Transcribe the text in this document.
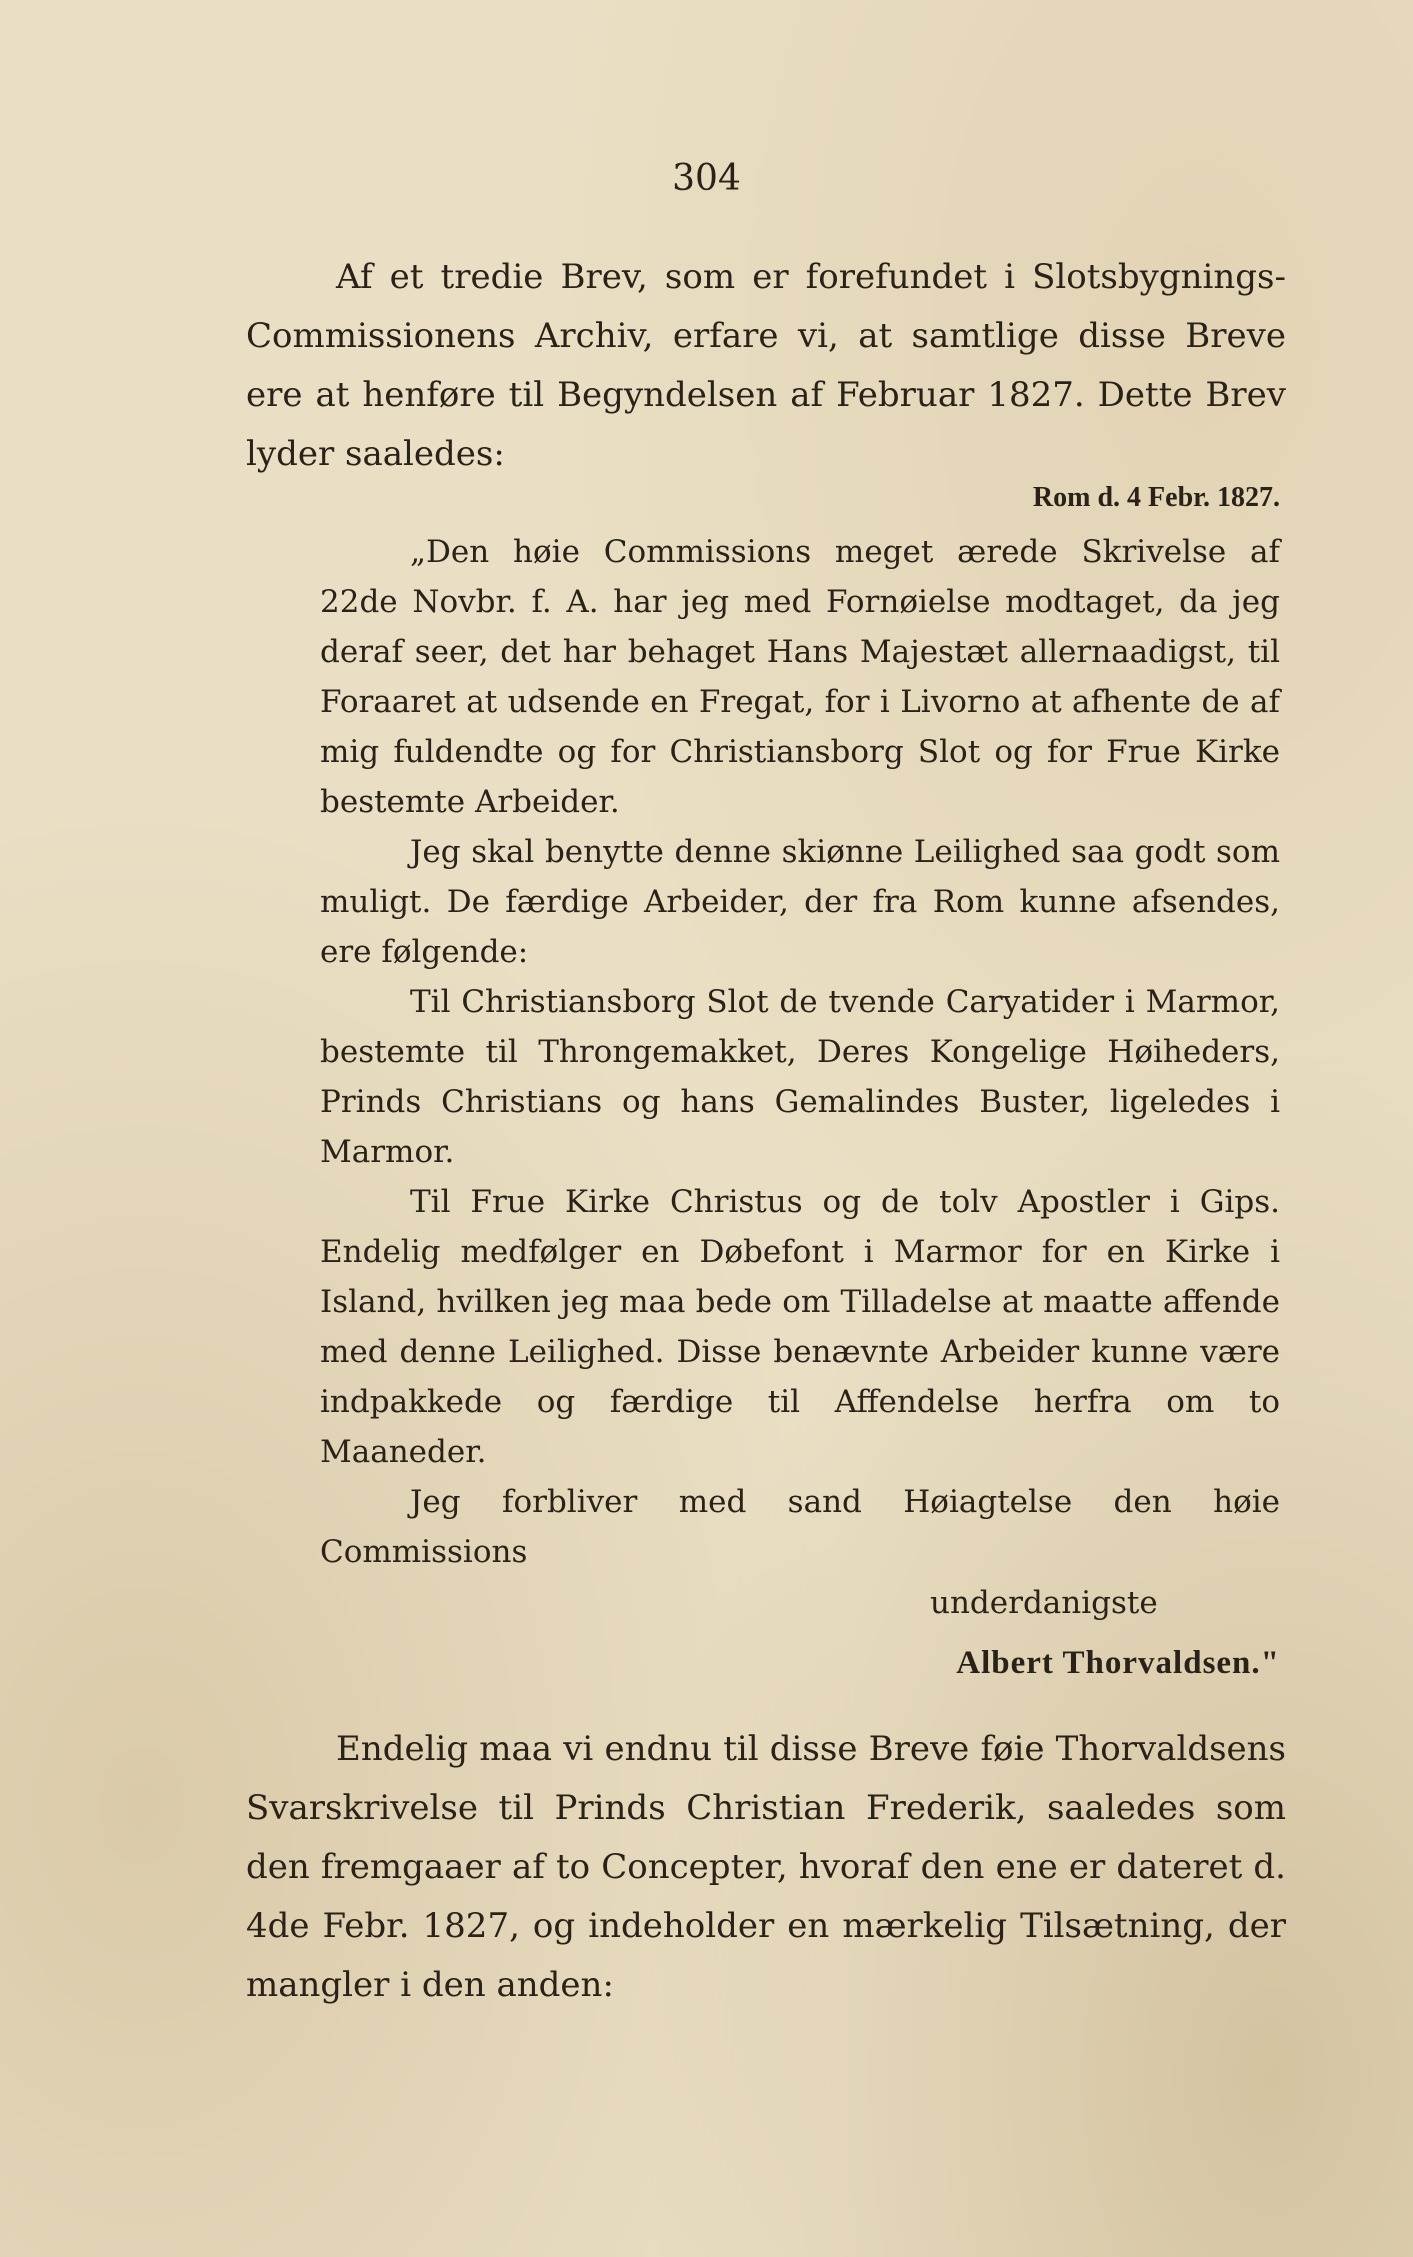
304

Af et tredie Brev, som er forefundet i Slotsbygnings-Commissionens Archiv, erfare vi, at samtlige disse Breve ere at henføre til Begyndelsen af Februar 1827. Dette Brev lyder saaledes:

Rom d. 4 Febr. 1827.

„Den høie Commissions meget ærede Skrivelse af 22de Novbr. f. A. har jeg med Fornøielse modtaget, da jeg deraf seer, det har behaget Hans Majestæt allernaadigst, til Foraaret at udsende en Fregat, for i Livorno at afhente de af mig fuldendte og for Christiansborg Slot og for Frue Kirke bestemte Arbeider.

Jeg skal benytte denne skiønne Leilighed saa godt som muligt. De færdige Arbeider, der fra Rom kunne afsendes, ere følgende:

Til Christiansborg Slot de tvende Caryatider i Marmor, bestemte til Throngemakket, Deres Kongelige Høiheders, Prinds Christians og hans Gemalindes Buster, ligeledes i Marmor.

Til Frue Kirke Christus og de tolv Apostler i Gips. Endelig medfølger en Døbefont i Marmor for en Kirke i Island, hvilken jeg maa bede om Tilladelse at maatte affende med denne Leilighed. Disse benævnte Arbeider kunne være indpakkede og færdige til Affendelse herfra om to Maaneder.

Jeg forbliver med sand Høiagtelse den høie Commissions

underdanigste
Albert Thorvaldsen."

Endelig maa vi endnu til disse Breve føie Thorvaldsens Svarskrivelse til Prinds Christian Frederik, saaledes som den fremgaaer af to Concepter, hvoraf den ene er dateret d. 4de Febr. 1827, og indeholder en mærkelig Tilsætning, der mangler i den anden:
